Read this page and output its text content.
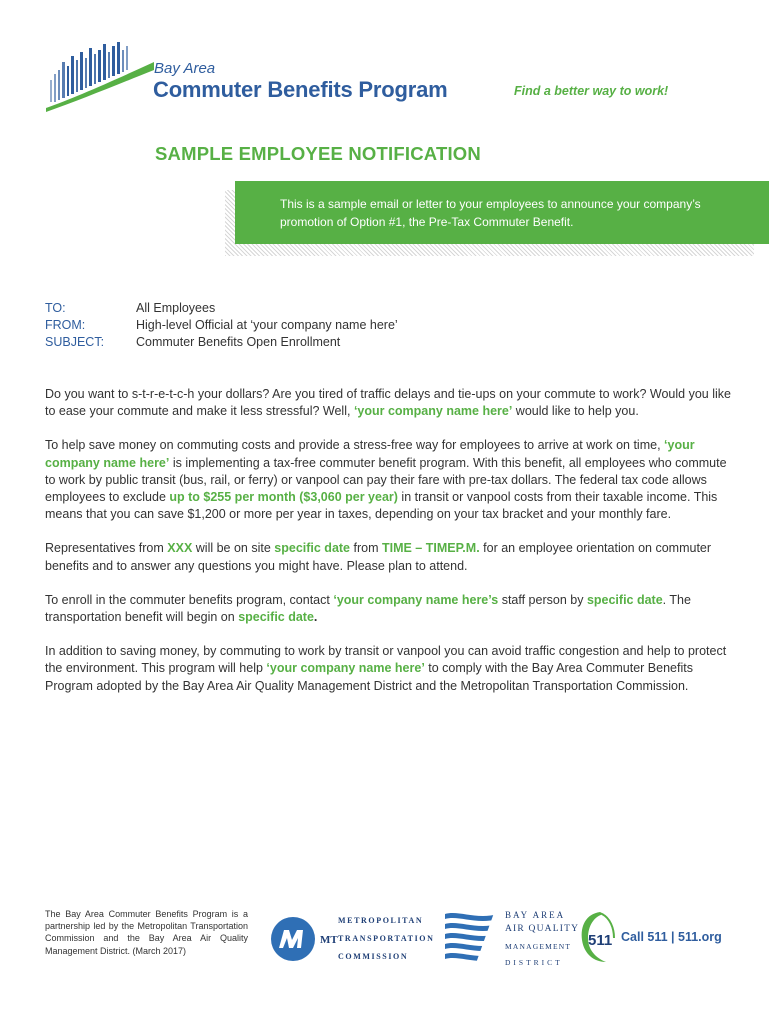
Bay Area
Commuter Benefits Program	Find a better way to work!
SAMPLE EMPLOYEE NOTIFICATION
This is a sample email or letter to your employees to announce your company’s promotion of Option #1, the Pre-Tax Commuter Benefit.
TO:	All Employees
FROM:	High-level Official at ‘your company name here’
SUBJECT:	Commuter Benefits Open Enrollment

Do you want to s-t-r-e-t-c-h your dollars? Are you tired of traffic delays and tie-ups on your commute to work? Would you like to ease your commute and make it less stressful? Well, ‘your company name here’ would like to help you.

To help save money on commuting costs and provide a stress-free way for employees to arrive at work on time, ‘your company name here’ is implementing a tax-free commuter benefit program. With this benefit, all employees who commute to work by public transit (bus, rail, or ferry) or vanpool can pay their fare with pre-tax dollars. The federal tax code allows employees to exclude up to $255 per month ($3,060 per year) in transit or vanpool costs from their taxable income. This means that you can save $1,200 or more per year in taxes, depending on your tax bracket and your monthly fare.

Representatives from XXX will be on site specific date from TIME – TIMEP.M. for an employee orientation on commuter benefits and to answer any questions you might have. Please plan to attend.

To enroll in the commuter benefits program, contact ‘your company name here’s staff person by specific date. The transportation benefit will begin on specific date.

In addition to saving money, by commuting to work by transit or vanpool you can avoid traffic congestion and help to protect the environment. This program will help ‘your company name here’ to comply with the Bay Area Commuter Benefits Program adopted by the Bay Area Air Quality Management District and the Metropolitan Transportation Commission.

The Bay Area Commuter Benefits Program is a partnership led by the Metropolitan Transportation Commission and the Bay Area Air Quality Management District. (March 2017)
MT
METROPOLITAN
TRANSPORTATION
COMMISSION
BAY AREA
AIR QUALITY
MANAGEMENT
DISTRICT
511 Call 511 | 511.org
